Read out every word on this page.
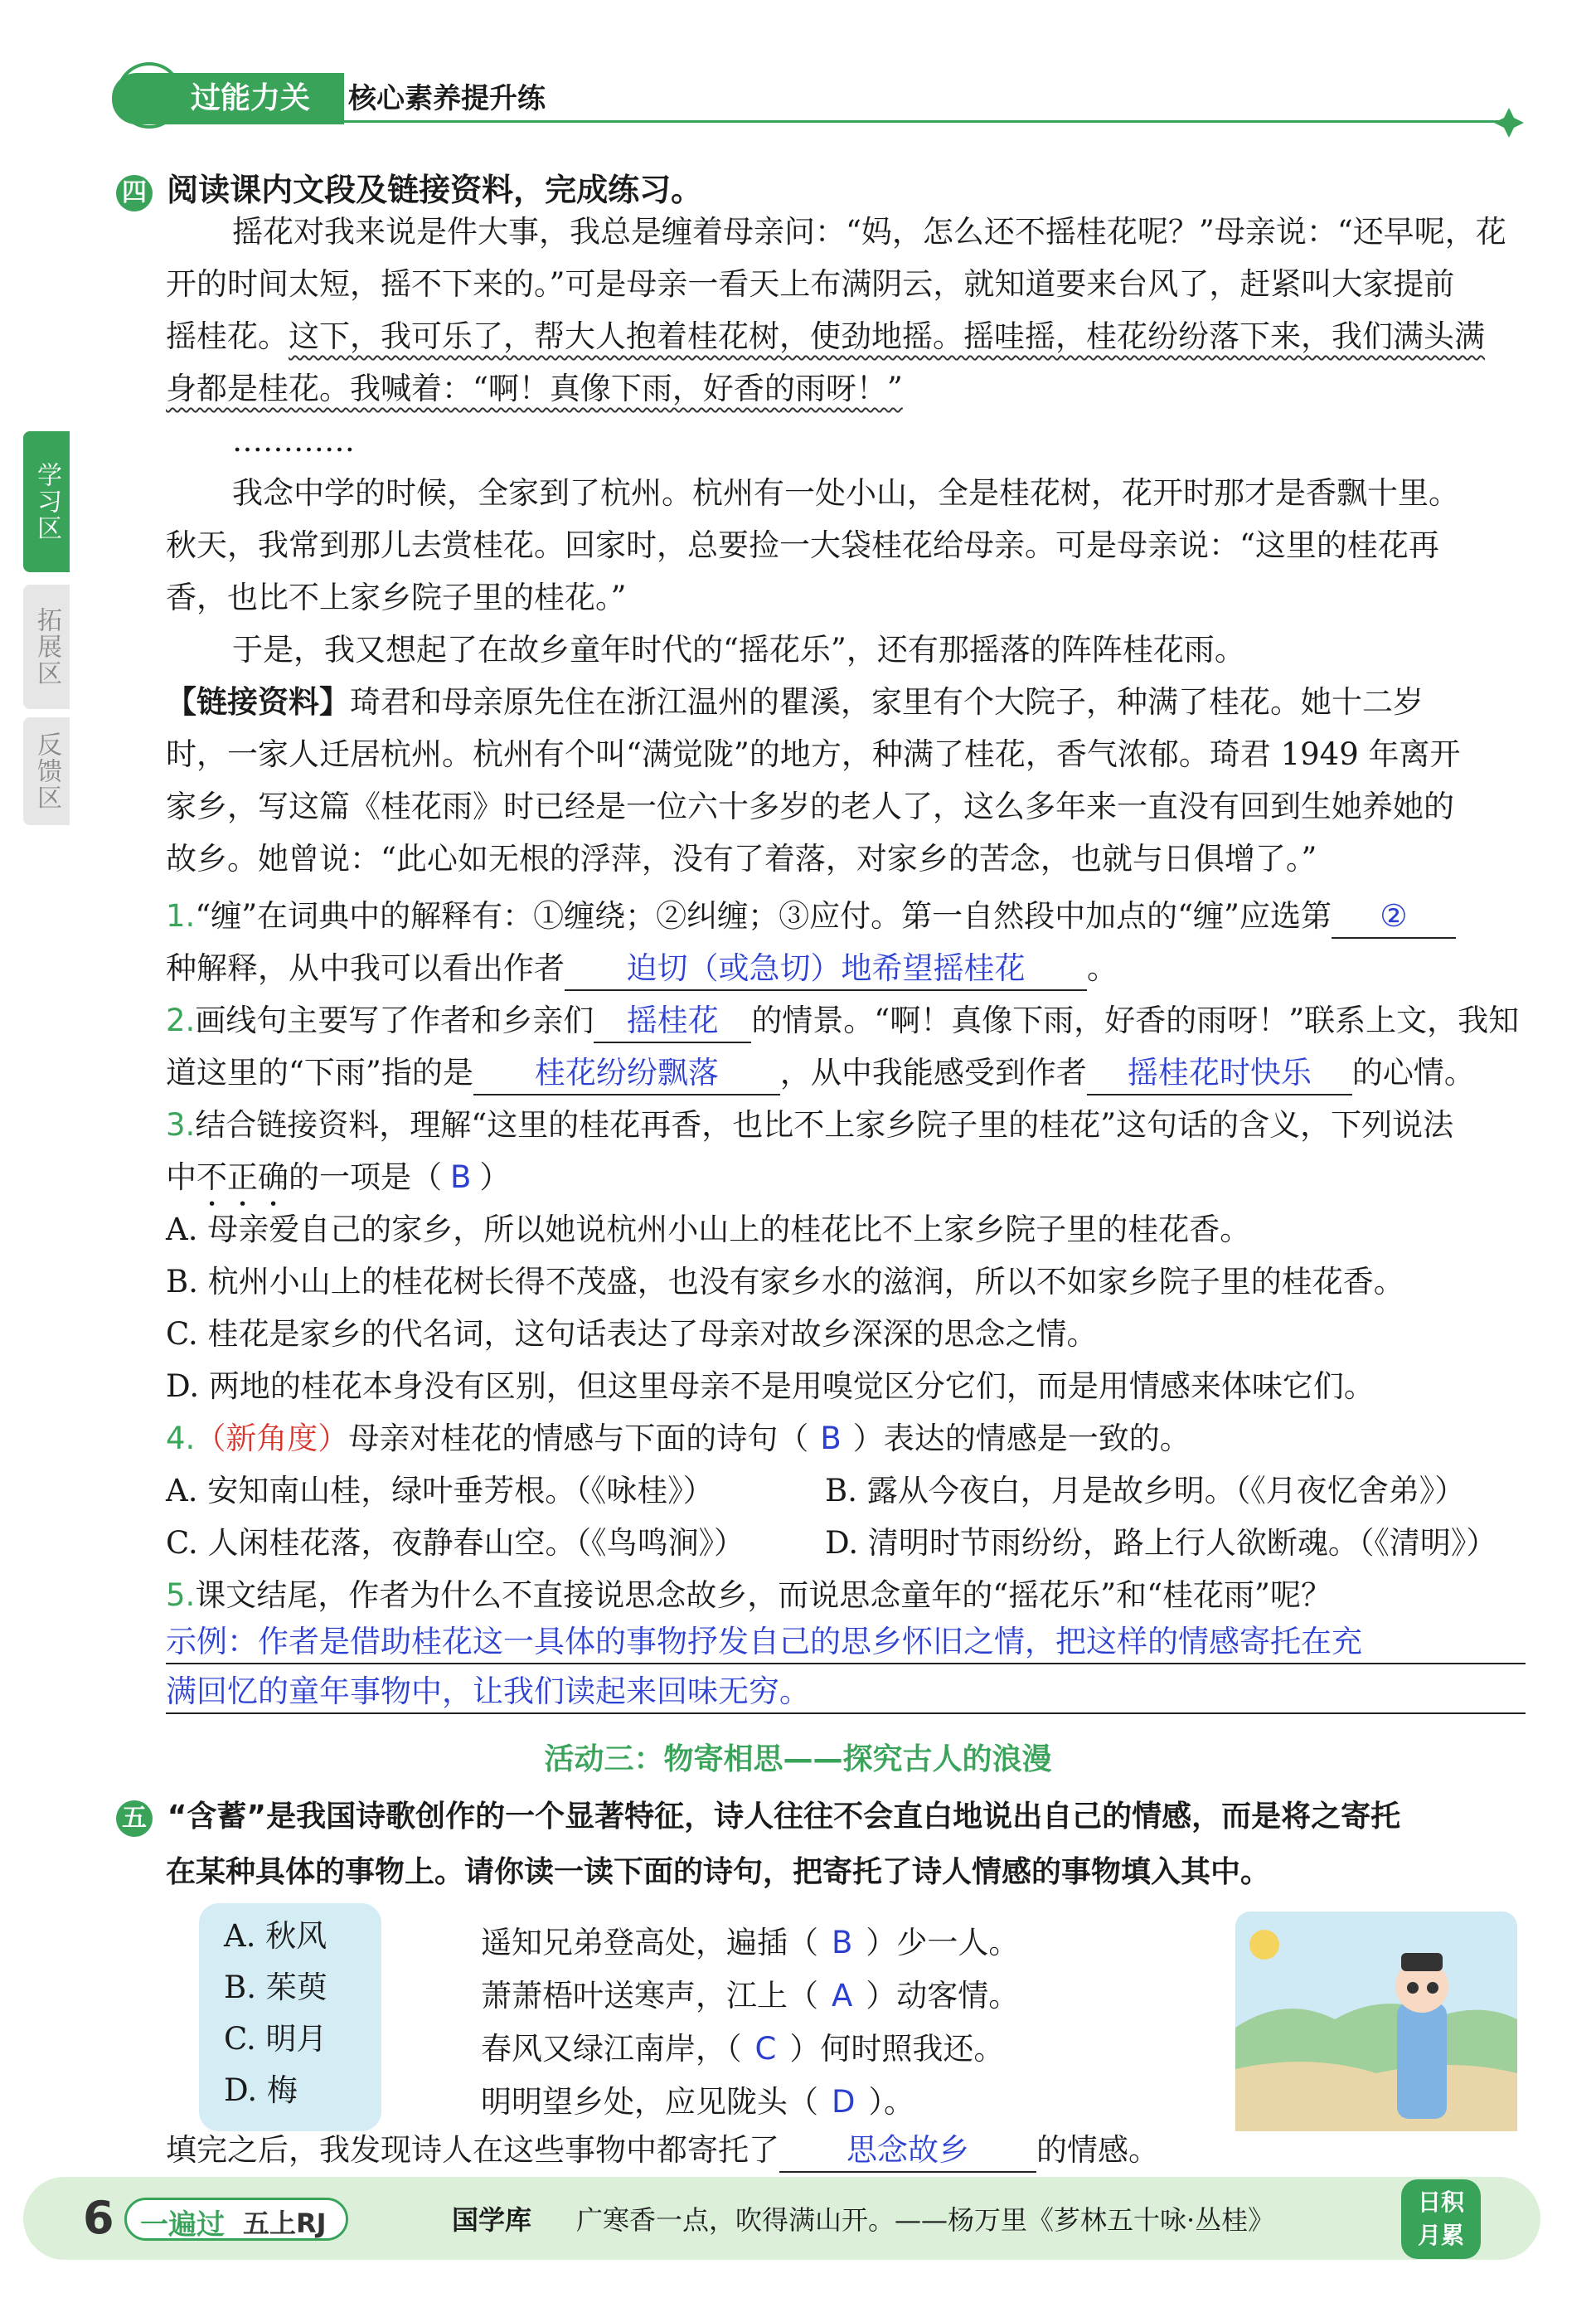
过能力关	核心素养提升练
学习区
拓展区
反馈区
四 阅读课内文段及链接资料，完成练习。
摇花对我来说是件大事，我总是缠着母亲问：“妈，怎么还不摇桂花呢？”母亲说：“还早呢，花
开的时间太短，摇不下来的。”可是母亲一看天上布满阴云，就知道要来台风了，赶紧叫大家提前
摇桂花。这下，我可乐了，帮大人抱着桂花树，使劲地摇。摇哇摇，桂花纷纷落下来，我们满头满
身都是桂花。我喊着：“啊！真像下雨，好香的雨呀！”
…………
我念中学的时候，全家到了杭州。杭州有一处小山，全是桂花树，花开时那才是香飘十里。
秋天，我常到那儿去赏桂花。回家时，总要捡一大袋桂花给母亲。可是母亲说：“这里的桂花再
香，也比不上家乡院子里的桂花。”
于是，我又想起了在故乡童年时代的“摇花乐”，还有那摇落的阵阵桂花雨。
【链接资料】琦君和母亲原先住在浙江温州的瞿溪，家里有个大院子，种满了桂花。她十二岁
时，一家人迁居杭州。杭州有个叫“满觉陇”的地方，种满了桂花，香气浓郁。琦君 1949 年离开
家乡，写这篇《桂花雨》时已经是一位六十多岁的老人了，这么多年来一直没有回到生她养她的
故乡。她曾说：“此心如无根的浮萍，没有了着落，对家乡的苦念，也就与日俱增了。”
1.“缠”在词典中的解释有：①缠绕；②纠缠；③应付。第一自然段中加点的“缠”应选第 ②
种解释，从中我可以看出作者 迫切（或急切）地希望摇桂花 。
2.画线句主要写了作者和乡亲们 摇桂花 的情景。“啊！真像下雨，好香的雨呀！”联系上文，我知
道这里的“下雨”指的是 桂花纷纷飘落 ，从中我能感受到作者 摇桂花时快乐 的心情。
3.结合链接资料，理解“这里的桂花再香，也比不上家乡院子里的桂花”这句话的含义，下列说法
中不正确的一项是（ B ）
A. 母亲爱自己的家乡，所以她说杭州小山上的桂花比不上家乡院子里的桂花香。
B. 杭州小山上的桂花树长得不茂盛，也没有家乡水的滋润，所以不如家乡院子里的桂花香。
C. 桂花是家乡的代名词，这句话表达了母亲对故乡深深的思念之情。
D. 两地的桂花本身没有区别，但这里母亲不是用嗅觉区分它们，而是用情感来体味它们。
4.（新角度）母亲对桂花的情感与下面的诗句（ B ）表达的情感是一致的。
A. 安知南山桂，绿叶垂芳根。（《咏桂》）	B. 露从今夜白，月是故乡明。（《月夜忆舍弟》）
C. 人闲桂花落，夜静春山空。（《鸟鸣涧》）	D. 清明时节雨纷纷，路上行人欲断魂。（《清明》）
5.课文结尾，作者为什么不直接说思念故乡，而说思念童年的“摇花乐”和“桂花雨”呢？
示例：作者是借助桂花这一具体的事物抒发自己的思乡怀旧之情，把这样的情感寄托在充
满回忆的童年事物中，让我们读起来回味无穷。
活动三：物寄相思——探究古人的浪漫
五 “含蓄”是我国诗歌创作的一个显著特征，诗人往往不会直白地说出自己的情感，而是将之寄托
在某种具体的事物上。请你读一读下面的诗句，把寄托了诗人情感的事物填入其中。
A. 秋风
B. 茱萸
C. 明月
D. 梅
遥知兄弟登高处，遍插（ B ）少一人。
萧萧梧叶送寒声，江上（ A ）动客情。
春风又绿江南岸，（ C ）何时照我还。
明明望乡处，应见陇头（ D ）。
填完之后，我发现诗人在这些事物中都寄托了 思念故乡 的情感。
6 一遍过 五上RJ	国学库 广寒香一点，吹得满山开。——杨万里《芗林五十咏·丛桂》
日积
月累
